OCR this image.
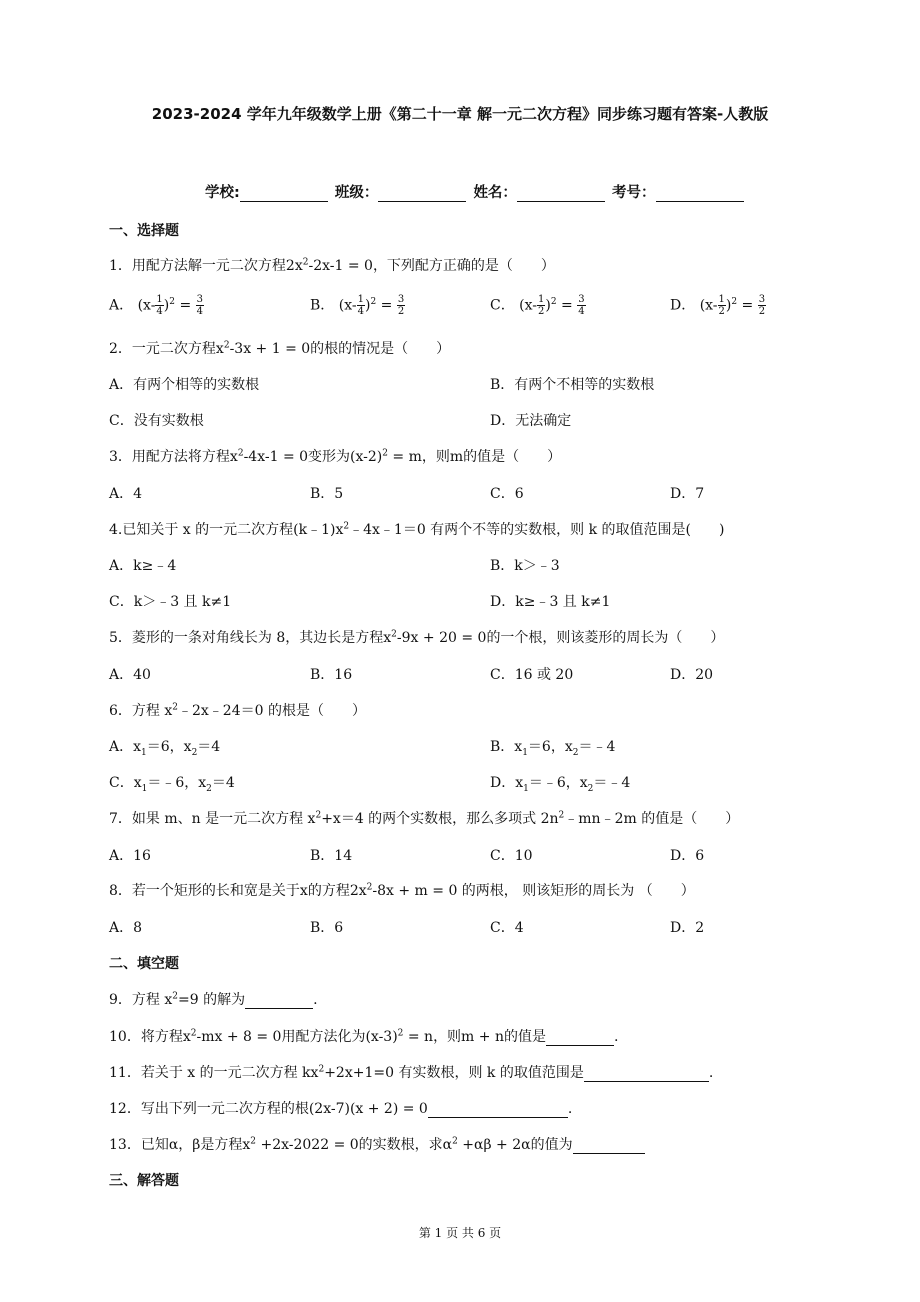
2023-2024 学年九年级数学上册《第二十一章 解一元二次方程》同步练习题有答案-人教版
学校:	班级：	姓名：	考号：
一、选择题
1．用配方法解一元二次方程$2x^2-2x-1 = 0$，下列配方正确的是（　　）
A． $(x- \frac{1}{4} )^2 = \frac{3}{4}$	B． $(x- \frac{1}{4} )^2 = \frac{3}{2}$	C． $(x- \frac{1}{2} )^2 = \frac{3}{4}$	D． $(x- \frac{1}{2} )^2 = \frac{3}{2}$
2．一元二次方程$x^2-3x + 1 = 0$的根的情况是（　　）
A．有两个相等的实数根	B．有两个不相等的实数根
C．没有实数根	D．无法确定
3．用配方法将方程$x^2-4x-1 = 0$变形为$(x-2)^2 = m$，则m的值是（　　）
A．4	B．5	C．6	D．7
4.已知关于 x 的一元二次方程$(k﹣1)x^2﹣4x﹣1=0$ 有两个不等的实数根，则 k 的取值范围是(　　)
A．k≥﹣4	B．k＞﹣3
C．k＞﹣3 且 k≠1	D．k≥﹣3 且 k≠1
5．菱形的一条对角线长为 8，其边长是方程$x^2-9x + 20 = 0$的一个根，则该菱形的周长为（　　）
A．40	B．16	C．16 或 20	D．20
6．方程 $x^2﹣2x﹣24=0$ 的根是（　　）
A．$x_1=6$，$x_2=4$	B．$x_1=6$，$x_2=﹣4$
C．$x_1=﹣6$，$x_2=4$	D．$x_1=﹣6$，$x_2=﹣4$
7．如果 m、n 是一元二次方程 $x^2+x=4$ 的两个实数根，那么多项式 $2n^2﹣mn﹣2m$ 的值是（　　）
A．16	B．14	C．10	D．6
8．若一个矩形的长和宽是关于x的方程$2x^2-8x + m = 0$ 的两根， 则该矩形的周长为 （　　）
A．8	B．6	C．4	D．2
二、填空题
9．方程 $x^2=9$ 的解为	.
10．将方程$x^2-mx + 8 = 0$用配方法化为$(x-3)^2 = n$，则m + n的值是	.
11．若关于 x 的一元二次方程 $kx^2+2x+1=0$ 有实数根，则 k 的取值范围是	.
12．写出下列一元二次方程的根(2x-7)(x + 2) = 0	.
13．已知α，β是方程$x^2 +2x-2022 = 0$的实数根，求$\alpha^2 +\alpha\beta + 2\alpha$的值为
三、解答题
第 1 页 共 6 页
